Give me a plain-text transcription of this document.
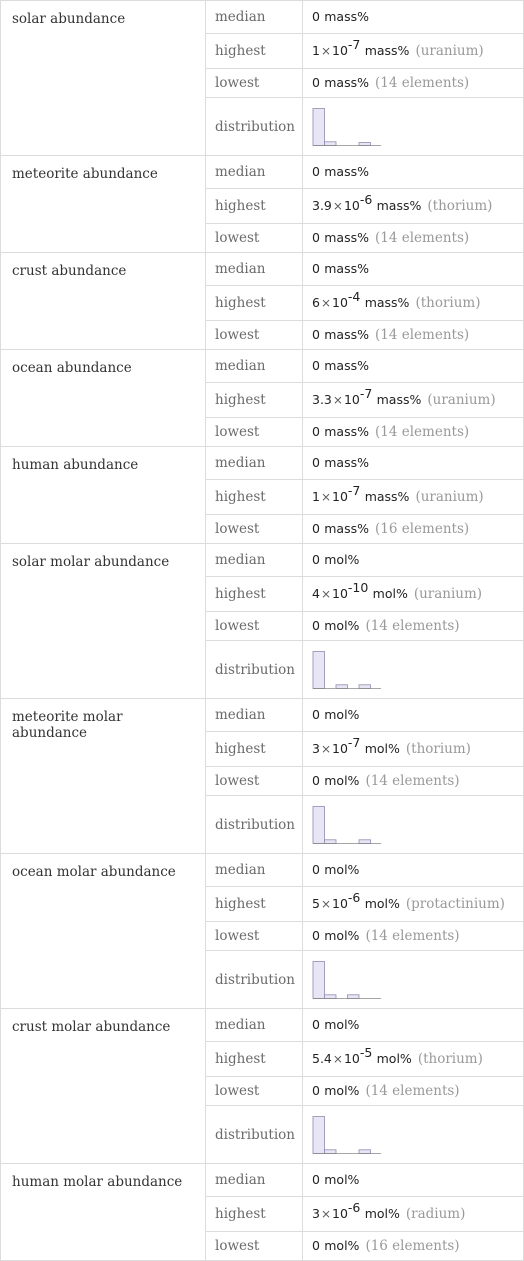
solar abundance	median	0 mass%
	highest	$1\times 10^{-7}$ mass% (uranium)
	lowest	0 mass% (14 elements)
	distribution	

meteorite abundance	median	0 mass%
	highest	$3.9\times 10^{-6}$ mass% (thorium)
	lowest	0 mass% (14 elements)
crust abundance	median	0 mass%
	highest	$6\times 10^{-4}$ mass% (thorium)
	lowest	0 mass% (14 elements)
ocean abundance	median	0 mass%
	highest	$3.3\times 10^{-7}$ mass% (uranium)
	lowest	0 mass% (14 elements)
human abundance	median	0 mass%
	highest	$1\times 10^{-7}$ mass% (uranium)
	lowest	0 mass% (16 elements)
solar molar abundance	median	0 mol%
	highest	$4\times 10^{-10}$ mol% (uranium)
	lowest	0 mol% (14 elements)
	distribution	

meteorite molar abundance	median	0 mol%
	highest	$3\times 10^{-7}$ mol% (thorium)
	lowest	0 mol% (14 elements)
	distribution	

ocean molar abundance	median	0 mol%
	highest	$5\times 10^{-6}$ mol% (protactinium)
	lowest	0 mol% (14 elements)
	distribution	

crust molar abundance	median	0 mol%
	highest	$5.4\times 10^{-5}$ mol% (thorium)
	lowest	0 mol% (14 elements)
	distribution	

human molar abundance	median	0 mol%
	highest	$3\times 10^{-6}$ mol% (radium)
	lowest	0 mol% (16 elements)
